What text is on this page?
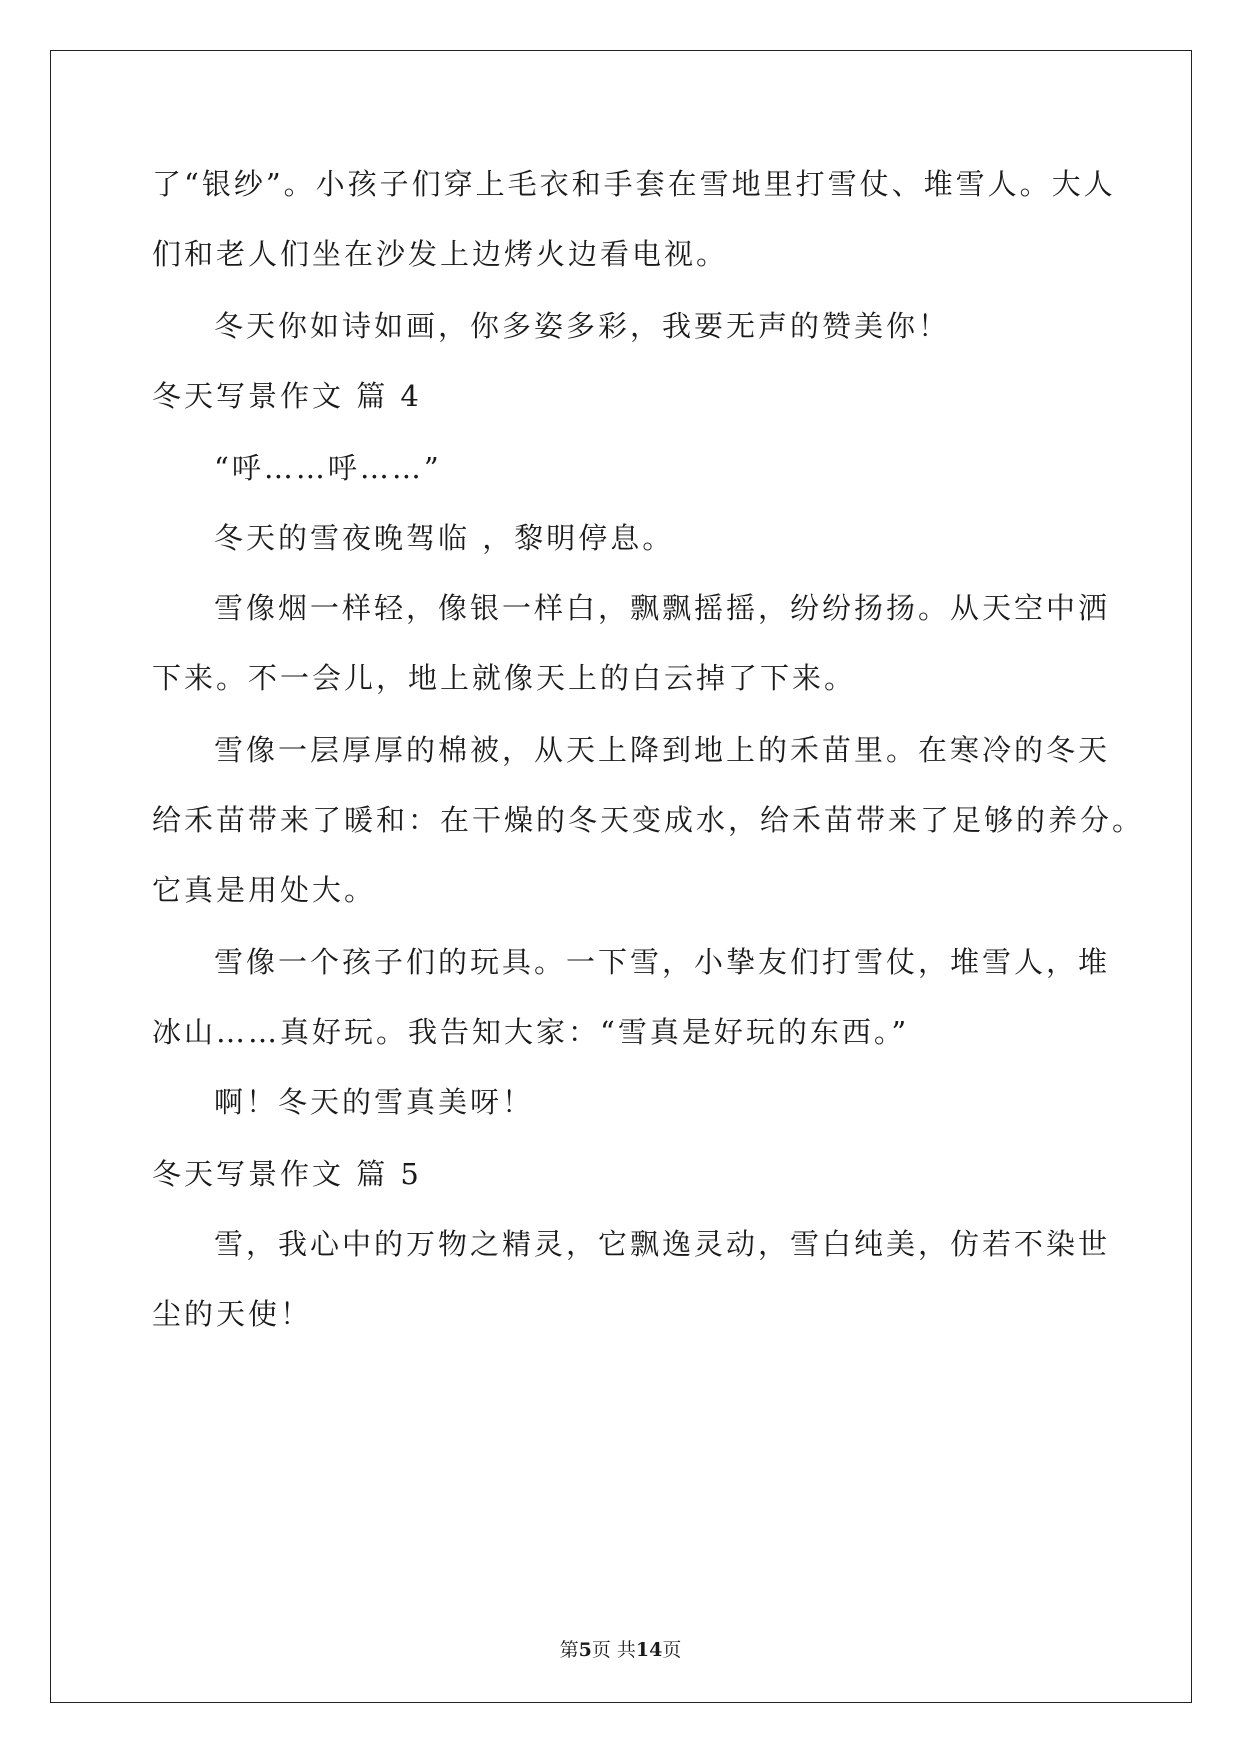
了“银纱”。小孩子们穿上毛衣和手套在雪地里打雪仗、堆雪人。大人
们和老人们坐在沙发上边烤火边看电视。
冬天你如诗如画，你多姿多彩，我要无声的赞美你！
冬天写景作文 篇 4
“呼……呼……”
冬天的雪夜晚驾临 ，黎明停息。
雪像烟一样轻，像银一样白，飘飘摇摇，纷纷扬扬。从天空中洒
下来。不一会儿，地上就像天上的白云掉了下来。
雪像一层厚厚的棉被，从天上降到地上的禾苗里。在寒冷的冬天
给禾苗带来了暖和：在干燥的冬天变成水，给禾苗带来了足够的养分。
它真是用处大。
雪像一个孩子们的玩具。一下雪，小挚友们打雪仗，堆雪人，堆
冰山……真好玩。我告知大家：“雪真是好玩的东西。”
啊！冬天的雪真美呀！
冬天写景作文 篇 5
雪，我心中的万物之精灵，它飘逸灵动，雪白纯美，仿若不染世
尘的天使！
第5页 共14页
